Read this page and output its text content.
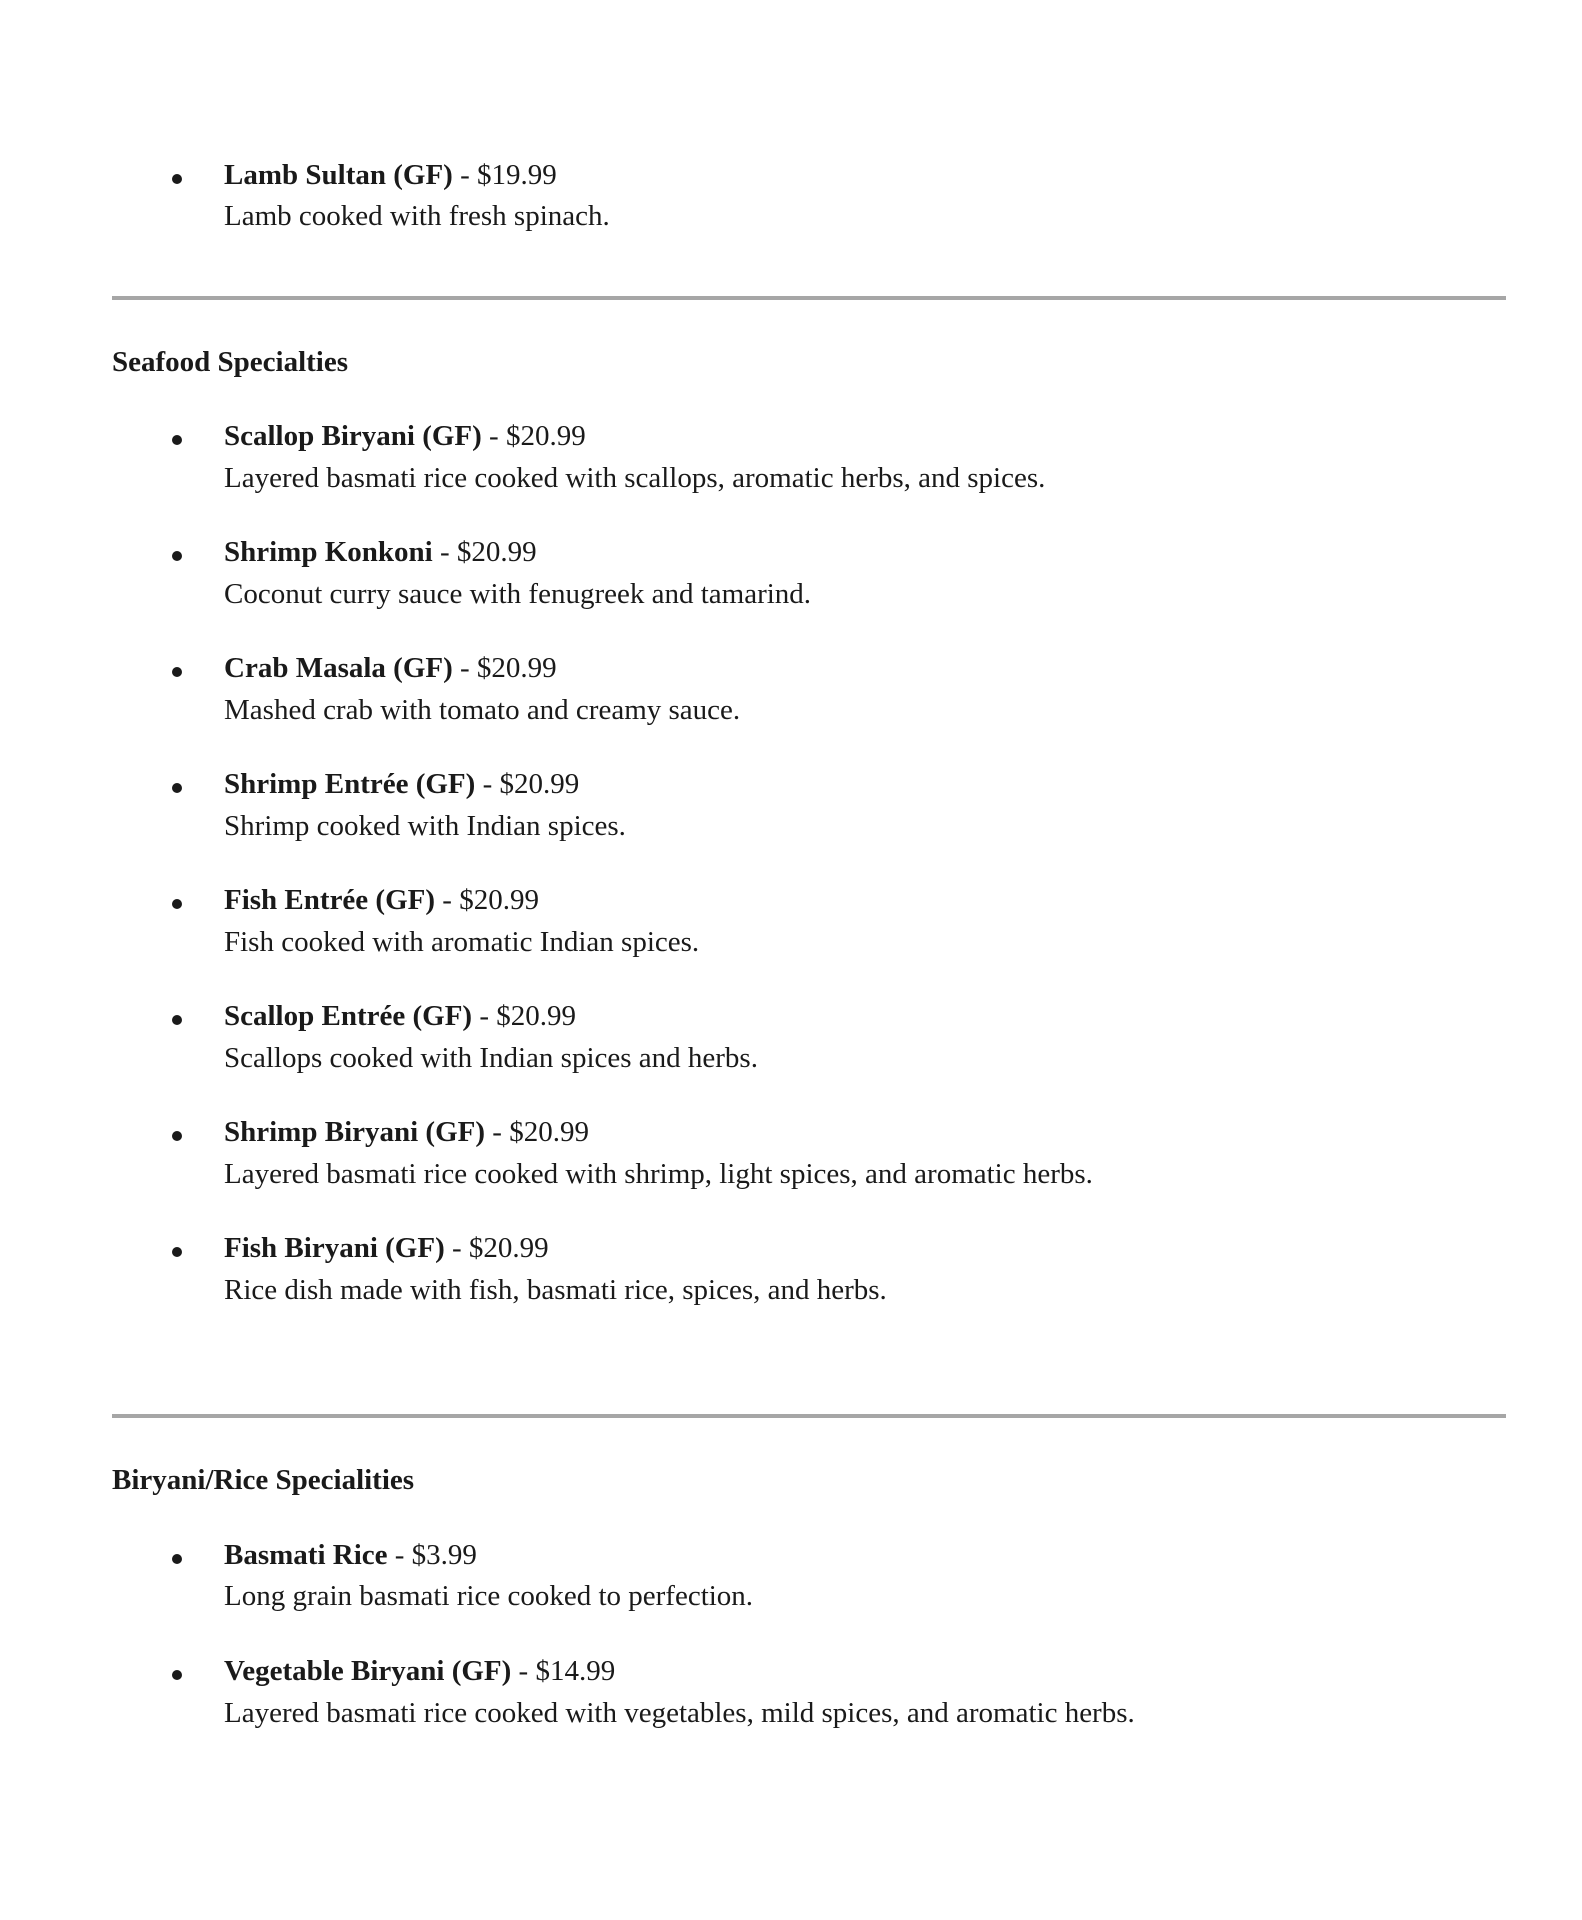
Lamb Sultan (GF) - $19.99
Lamb cooked with fresh spinach.
Seafood Specialties
Scallop Biryani (GF) - $20.99
Layered basmati rice cooked with scallops, aromatic herbs, and spices.
Shrimp Konkoni - $20.99
Coconut curry sauce with fenugreek and tamarind.
Crab Masala (GF) - $20.99
Mashed crab with tomato and creamy sauce.
Shrimp Entrée (GF) - $20.99
Shrimp cooked with Indian spices.
Fish Entrée (GF) - $20.99
Fish cooked with aromatic Indian spices.
Scallop Entrée (GF) - $20.99
Scallops cooked with Indian spices and herbs.
Shrimp Biryani (GF) - $20.99
Layered basmati rice cooked with shrimp, light spices, and aromatic herbs.
Fish Biryani (GF) - $20.99
Rice dish made with fish, basmati rice, spices, and herbs.
Biryani/Rice Specialities
Basmati Rice - $3.99
Long grain basmati rice cooked to perfection.
Vegetable Biryani (GF) - $14.99
Layered basmati rice cooked with vegetables, mild spices, and aromatic herbs.
